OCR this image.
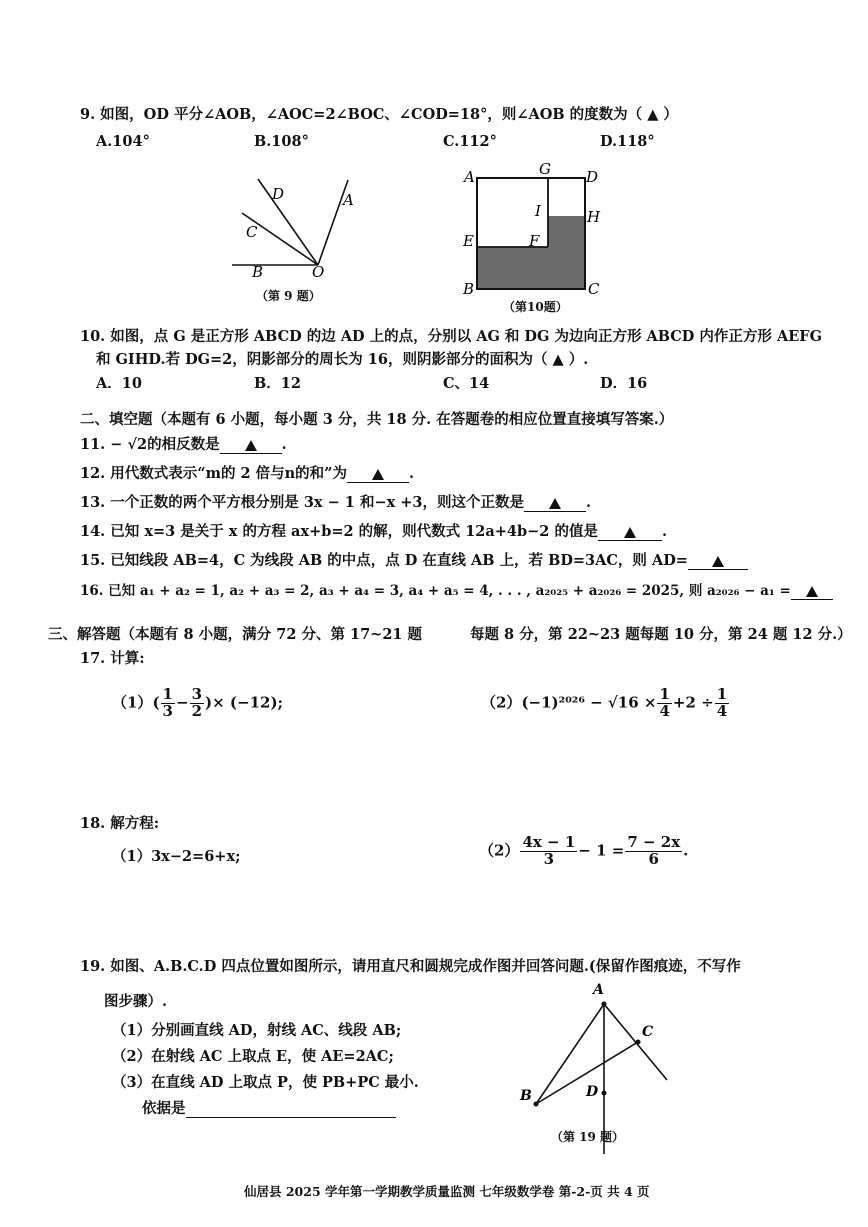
9. 如图，OD 平分∠AOB，∠AOC=2∠BOC、∠COD=18°，则∠AOB 的度数为（ ▲ ）
A.104°	B.108°	C.112°	D.118°
D	A
C
B	O
（第 9 题）
A	G D
I	H
E	F
B	C
（第10题）
10. 如图，点 G 是正方形 ABCD 的边 AD 上的点，分别以 AG 和 DG 为边向正方形 ABCD 内作正方形 AEFG
和 GIHD.若 DG=2，阴影部分的周长为 16，则阴影部分的面积为（ ▲ ）.
A．10	B．12	C、14	D．16
二、填空题（本题有 6 小题，每小题 3 分，共 18 分. 在答题卷的相应位置直接填写答案.）
11. − √2的相反数是	.
12. 用代数式表示“m的 2 倍与n的和”为	.
13. 一个正数的两个平方根分别是 3x − 1 和−x +3，则这个正数是	.
14. 已知 x=3 是关于 x 的方程 ax+b=2 的解，则代数式 12a+4b−2 的值是	.
15. 已知线段 AB=4，C 为线段 AB 的中点，点 D 在直线 AB 上，若 BD=3AC，则 AD=
16. 已知 a₁ + a₂ = 1, a₂ + a₃ = 2, a₃ + a₄ = 3, a₄ + a₅ = 4, . . . , a₂₀₂₅ + a₂₀₂₆ = 2025, 则 a₂₀₂₆ − a₁ =
三、解答题（本题有 8 小题，满分 72 分、第 17~21 题	每题 8 分，第 22~23 题每题 10 分，第 24 题 12 分.）
17. 计算:
$(1)( \frac{1}{3} - \frac{3}{2}$ )× (−12);	$(2)(-1)^{2026} - √16 \times \frac{1}{4} +2 \div \frac{1}{4}$
18. 解方程:
（1）3x−2=6+x;	$(2) \frac{4x - 1}{3} - 1 = \frac{7 - 2x}{6}$ .
19. 如图、A.B.C.D 四点位置如图所示，请用直尺和圆规完成作图并回答问题.(保留作图痕迹，不写作
图步骤）.
（1）分别画直线 AD，射线 AC、线段 AB;
（2）在射线 AC 上取点 E，使 AE=2AC;
（3）在直线 AD 上取点 P，使 PB+PC 最小.
依据是
A
C
D
B
（第 19 题）
仙居县 2025 学年第一学期教学质量监测 七年级数学卷 第-2-页 共 4 页
